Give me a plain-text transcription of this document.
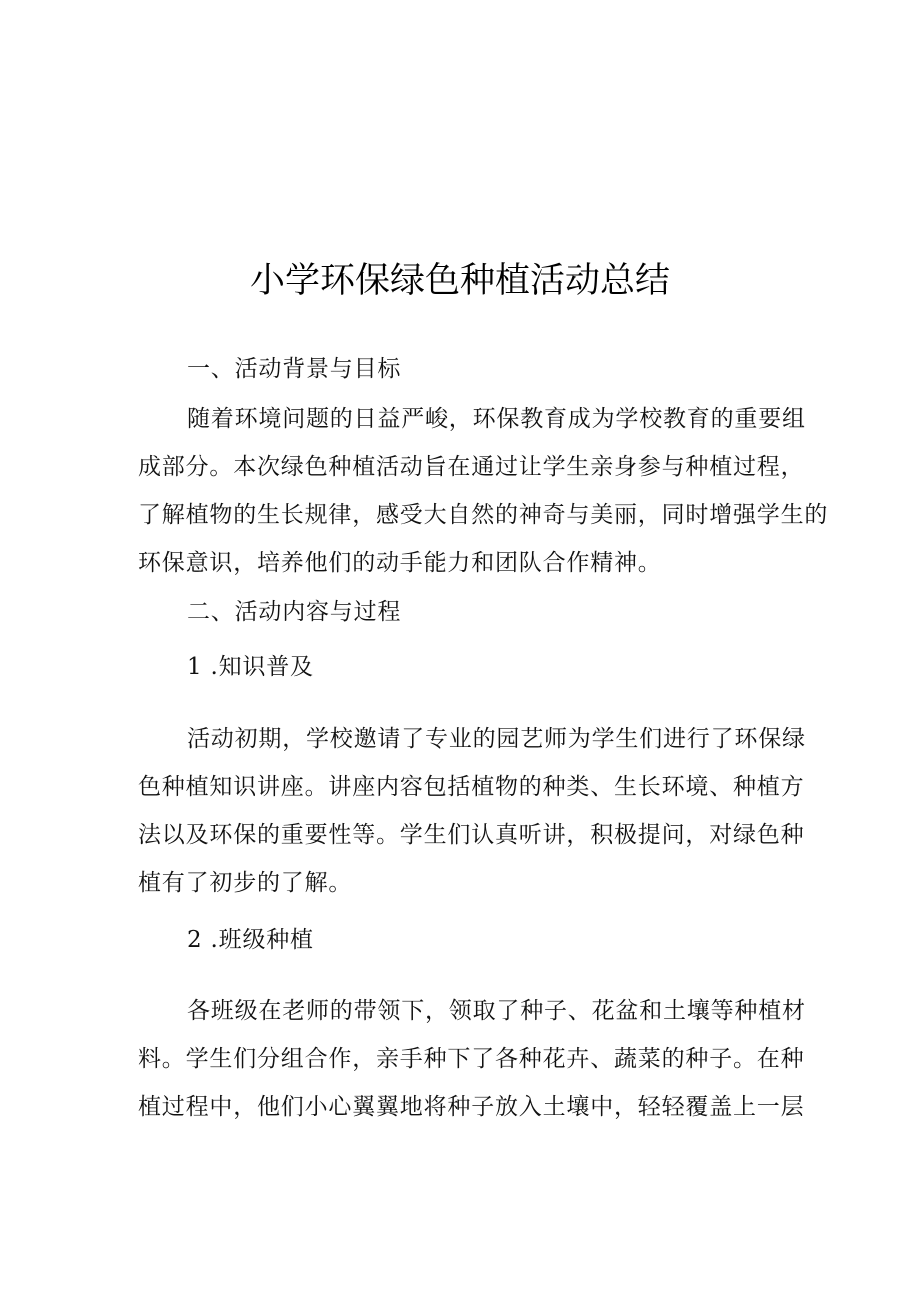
小学环保绿色种植活动总结
一、活动背景与目标
随着环境问题的日益严峻，环保教育成为学校教育的重要组
成部分。本次绿色种植活动旨在通过让学生亲身参与种植过程，
了解植物的生长规律，感受大自然的神奇与美丽，同时增强学生的
环保意识，培养他们的动手能力和团队合作精神。
二、活动内容与过程
1 .知识普及
活动初期，学校邀请了专业的园艺师为学生们进行了环保绿
色种植知识讲座。讲座内容包括植物的种类、生长环境、种植方
法以及环保的重要性等。学生们认真听讲，积极提问，对绿色种
植有了初步的了解。
2 .班级种植
各班级在老师的带领下，领取了种子、花盆和土壤等种植材
料。学生们分组合作，亲手种下了各种花卉、蔬菜的种子。在种
植过程中，他们小心翼翼地将种子放入土壤中，轻轻覆盖上一层
